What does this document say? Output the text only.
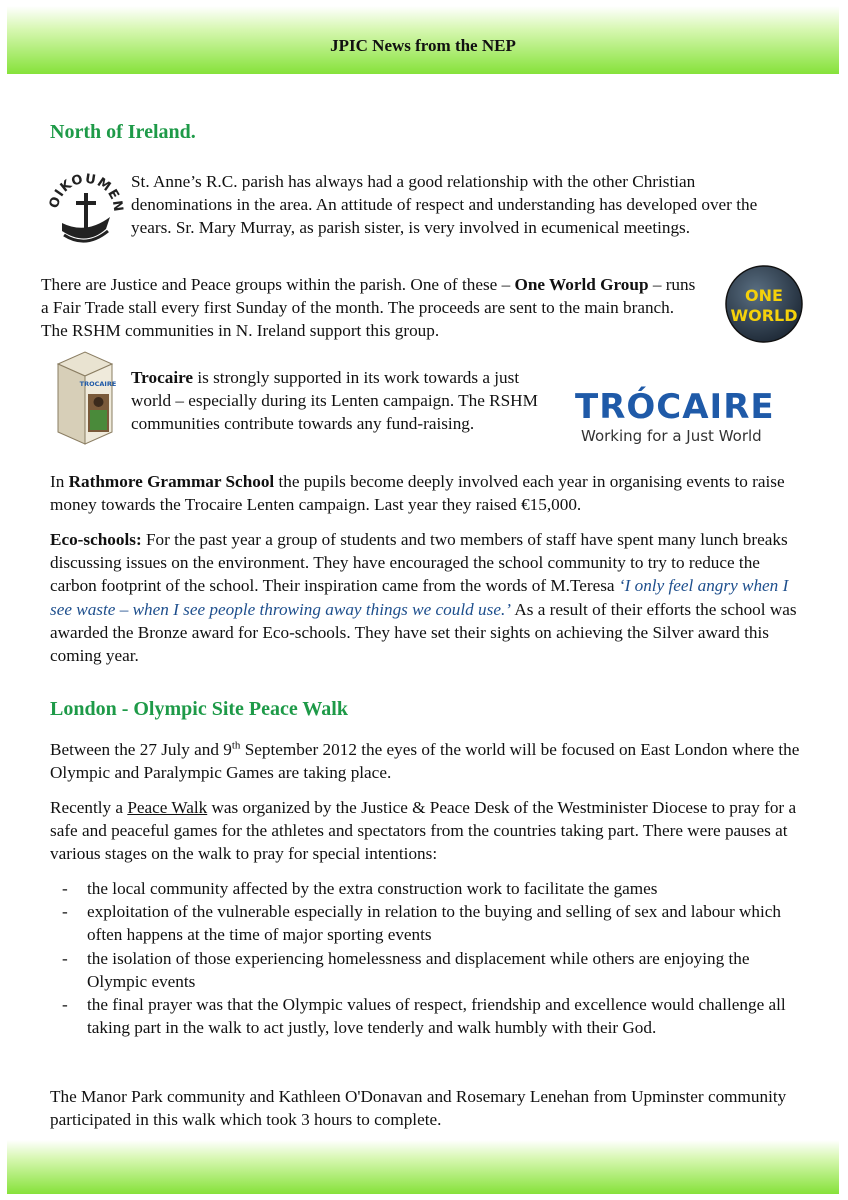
JPIC News from the NEP
North of Ireland.
OIKOUMEN

St. Anne’s R.C. parish has always had a good relationship with the other Christian denominations in the area. An attitude of respect and understanding has developed over the years. Sr. Mary Murray, as parish sister, is very involved in ecumenical meetings.

There are Justice and Peace groups within the parish. One of these – One World Group – runs a Fair Trade stall every first Sunday of the month. The proceeds are sent to the main branch. The RSHM communities in N. Ireland support this group.

ONE
WORLD
TROCAIRE Trocaire is strongly supported in its work towards a just world – especially during its Lenten campaign. The RSHM communities contribute towards any fund-raising.	TRÓCAIRE
Working for a Just World

In Rathmore Grammar School the pupils become deeply involved each year in organising events to raise money towards the Trocaire Lenten campaign. Last year they raised €15,000.

Eco-schools: For the past year a group of students and two members of staff have spent many lunch breaks discussing issues on the environment. They have encouraged the school community to try to reduce the carbon footprint of the school. Their inspiration came from the words of M.Teresa ‘I only feel angry when I see waste – when I see people throwing away things we could use.’ As a result of their efforts the school was awarded the Bronze award for Eco-schools. They have set their sights on achieving the Silver award this coming year.

London - Olympic Site Peace Walk

Between the 27 July and 9th September 2012 the eyes of the world will be focused on East London where the Olympic and Paralympic Games are taking place.

Recently a Peace Walk was organized by the Justice & Peace Desk of the Westminister Diocese to pray for a safe and peaceful games for the athletes and spectators from the countries taking part. There were pauses at various stages on the walk to pray for special intentions:

- the local community affected by the extra construction work to facilitate the games
- exploitation of the vulnerable especially in relation to the buying and selling of sex and labour which often happens at the time of major sporting events
- the isolation of those experiencing homelessness and displacement while others are enjoying the Olympic events
- the final prayer was that the Olympic values of respect, friendship and excellence would challenge all taking part in the walk to act justly, love tenderly and walk humbly with their God.

The Manor Park community and Kathleen O'Donavan and Rosemary Lenehan from Upminster community participated in this walk which took 3 hours to complete.
